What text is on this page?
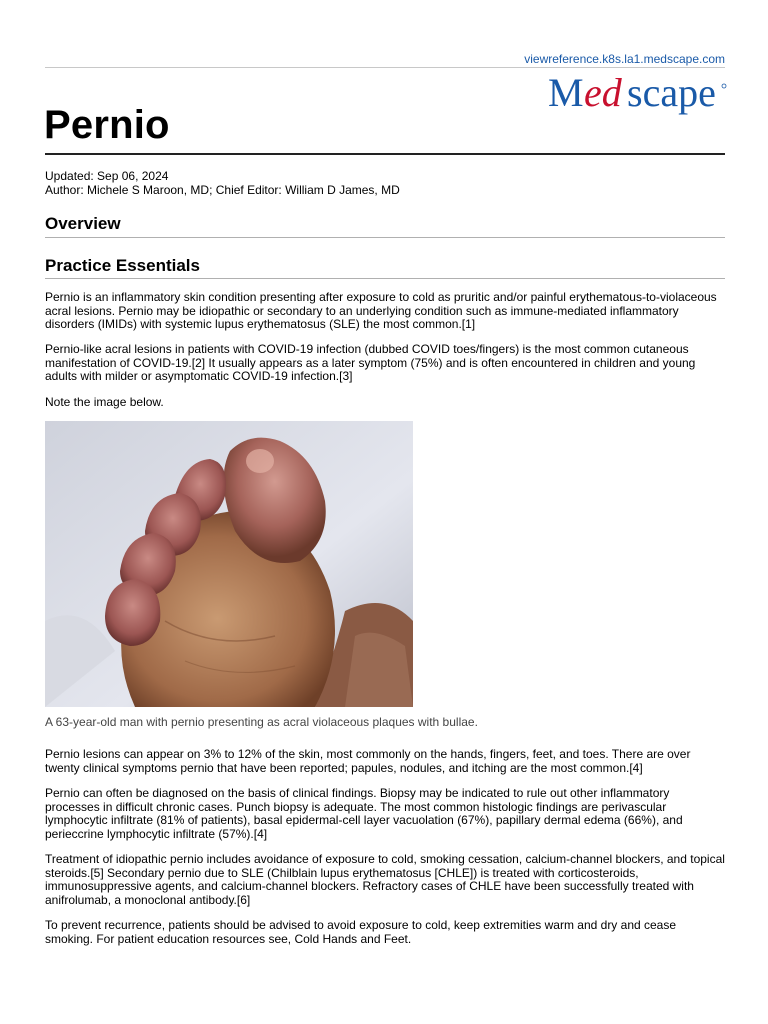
viewreference.k8s.la1.medscape.com
M ed scape
Pernio
Updated: Sep 06, 2024
Author: Michele S Maroon, MD; Chief Editor: William D James, MD
Overview
Practice Essentials
Pernio is an inflammatory skin condition presenting after exposure to cold as pruritic and/or painful erythematous-to-violaceous acral lesions. Pernio may be idiopathic or secondary to an underlying condition such as immune-mediated inflammatory disorders (IMIDs) with systemic lupus erythematosus (SLE) the most common.[1]
Pernio-like acral lesions in patients with COVID-19 infection (dubbed COVID toes/fingers) is the most common cutaneous manifestation of COVID-19.[2] It usually appears as a later symptom (75%) and is often encountered in children and young adults with milder or asymptomatic COVID-19 infection.[3]
Note the image below.
A 63-year-old man with pernio presenting as acral violaceous plaques with bullae.
Pernio lesions can appear on 3% to 12% of the skin, most commonly on the hands, fingers, feet, and toes. There are over twenty clinical symptoms pernio that have been reported; papules, nodules, and itching are the most common.[4]
Pernio can often be diagnosed on the basis of clinical findings. Biopsy may be indicated to rule out other inflammatory processes in difficult chronic cases. Punch biopsy is adequate. The most common histologic findings are perivascular lymphocytic infiltrate (81% of patients), basal epidermal-cell layer vacuolation (67%), papillary dermal edema (66%), and perieccrine lymphocytic infiltrate (57%).[4]
Treatment of idiopathic pernio includes avoidance of exposure to cold, smoking cessation, calcium-channel blockers, and topical steroids.[5] Secondary pernio due to SLE (Chilblain lupus erythematosus [CHLE]) is treated with corticosteroids, immunosuppressive agents, and calcium-channel blockers. Refractory cases of CHLE have been successfully treated with anifrolumab, a monoclonal antibody.[6]
To prevent recurrence, patients should be advised to avoid exposure to cold, keep extremities warm and dry and cease smoking. For patient education resources see, Cold Hands and Feet.
